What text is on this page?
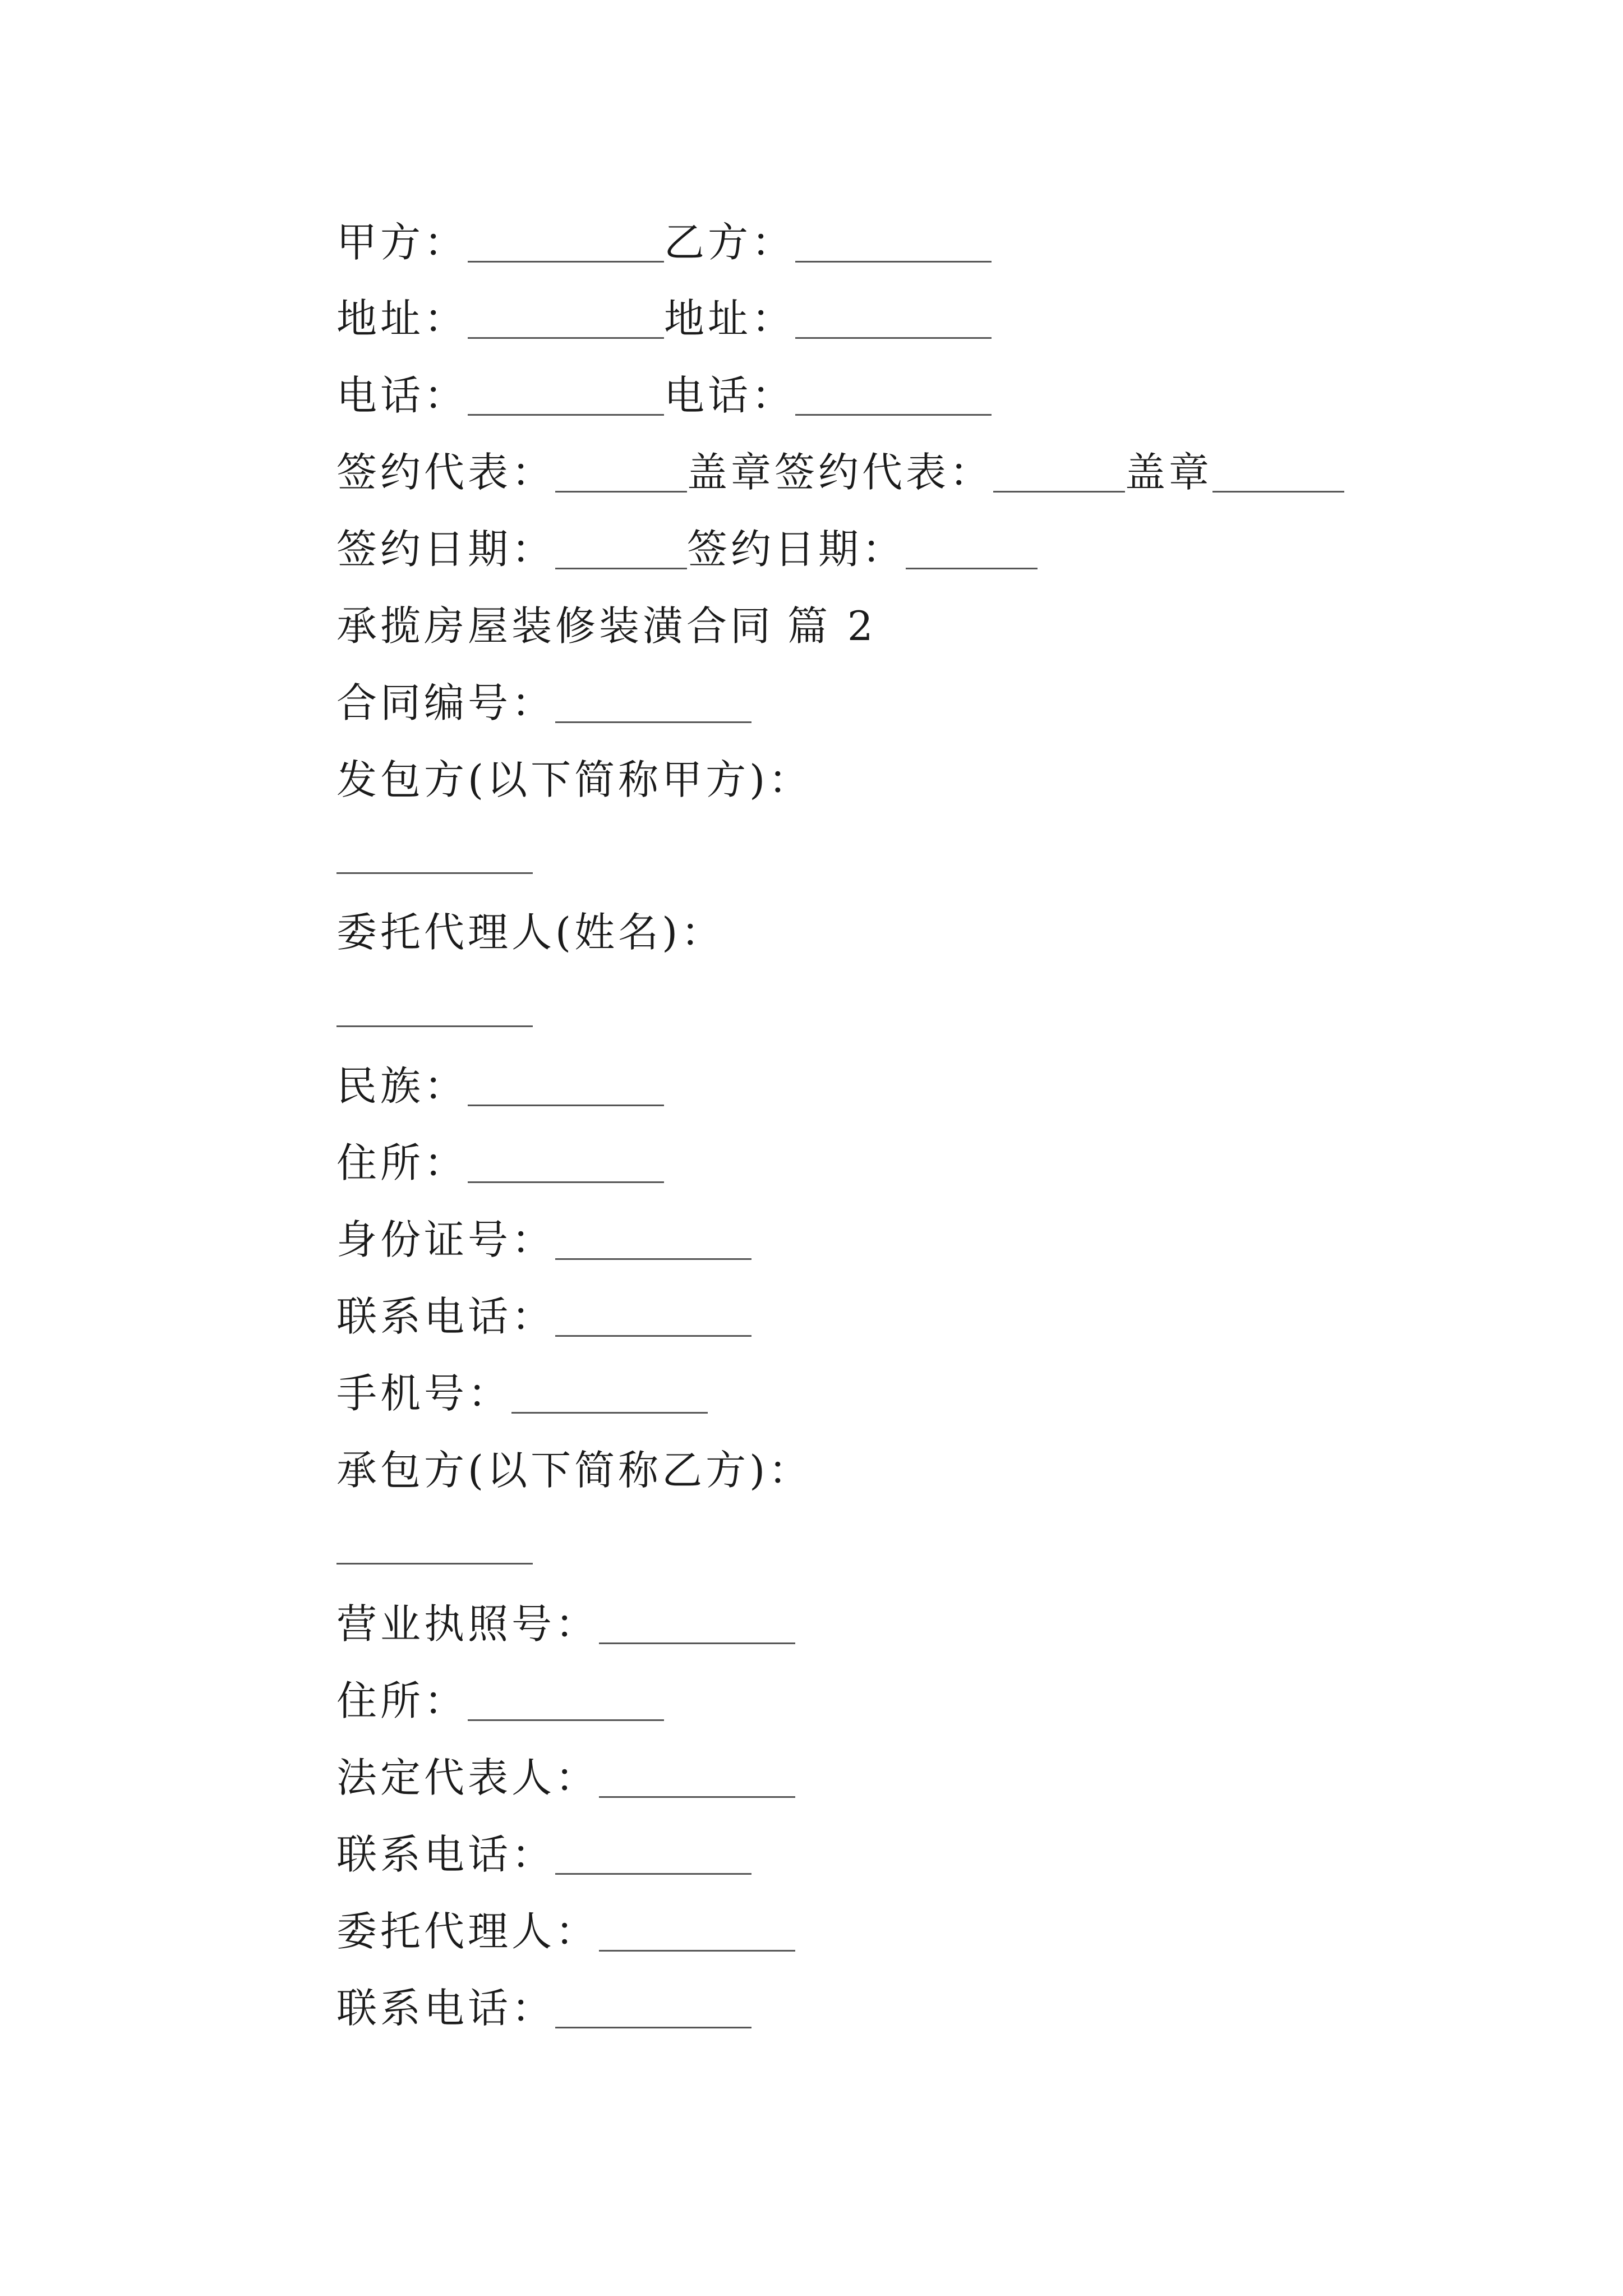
甲方：	乙方：
地址：	地址：
电话：	电话：
签约代表：	盖章签约代表：	盖章
签约日期：	签约日期：
承揽房屋装修装潢合同 篇 2
合同编号：
发包方(以下简称甲方)：
委托代理人(姓名)：
民族：
住所：
身份证号：
联系电话：
手机号：
承包方(以下简称乙方)：
营业执照号：
住所：
法定代表人：
联系电话：
委托代理人：
联系电话：
